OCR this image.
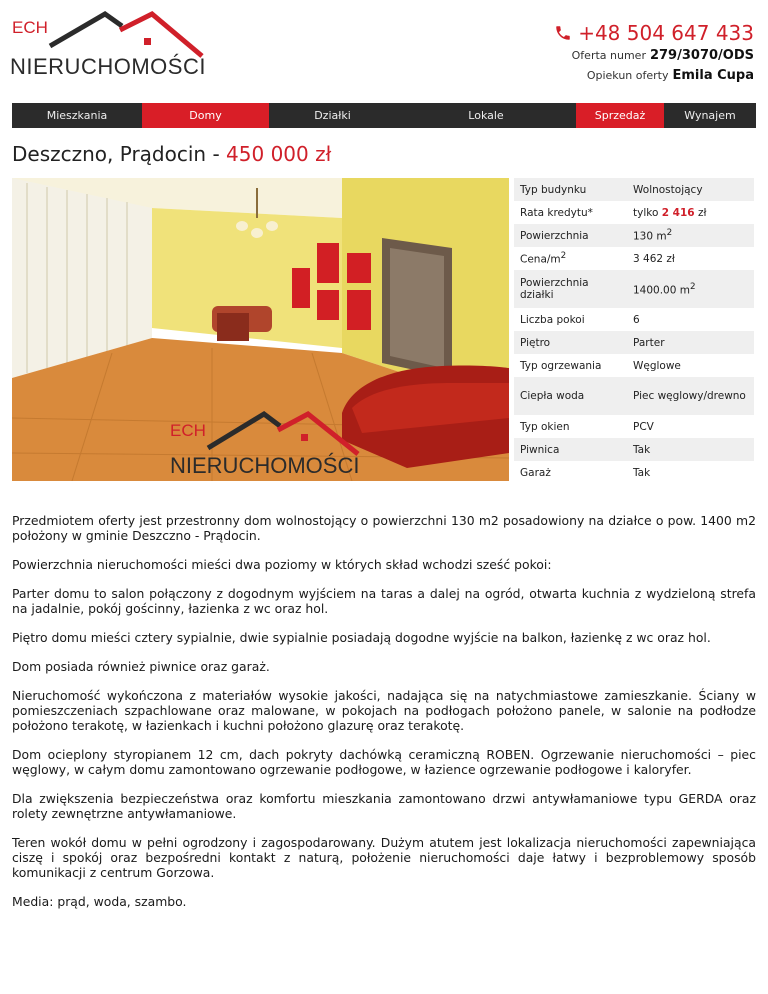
ECH
NIERUCHOMOŚCI
+48 504 647 433
Oferta numer 279/3070/ODS
Opiekun oferty Emila Cupa
Mieszkania	Domy	Działki	Lokale	Sprzedaż	Wynajem
Deszczno, Prądocin - 450 000 zł
ECH
NIERUCHOMOŚCI
Typ budynku	Wolnostojący
Rata kredytu*	tylko 2 416 zł
Powierzchnia	130 $m^2$
Cena/$m^2$	3 462 zł
Powierzchnia działki	1400.00 $m^2$
Liczba pokoi	6
Piętro	Parter
Typ ogrzewania	Węglowe
Ciepła woda	Piec węglowy/drewno
Typ okien	PCV
Piwnica	Tak
Garaż	Tak

Przedmiotem oferty jest przestronny dom wolnostojący o powierzchni 130 m2 posadowiony na działce o pow. 1400 m2 położony w gminie Deszczno - Prądocin.

Powierzchnia nieruchomości mieści dwa poziomy w których skład wchodzi sześć pokoi:

Parter domu to salon połączony z dogodnym wyjściem na taras a dalej na ogród, otwarta kuchnia z wydzieloną strefa na jadalnie, pokój gościnny, łazienka z wc oraz hol.

Piętro domu mieści cztery sypialnie, dwie sypialnie posiadają dogodne wyjście na balkon, łazienkę z wc oraz hol.

Dom posiada również piwnice oraz garaż.

Nieruchomość wykończona z materiałów wysokie jakości, nadająca się na natychmiastowe zamieszkanie. Ściany w pomieszczeniach szpachlowane oraz malowane, w pokojach na podłogach położono panele, w salonie na podłodze położono terakotę, w łazienkach i kuchni położono glazurę oraz terakotę.

Dom ocieplony styropianem 12 cm, dach pokryty dachówką ceramiczną ROBEN. Ogrzewanie nieruchomości – piec węglowy, w całym domu zamontowano ogrzewanie podłogowe, w łazience ogrzewanie podłogowe i kaloryfer.

Dla zwiększenia bezpieczeństwa oraz komfortu mieszkania zamontowano drzwi antywłamaniowe typu GERDA oraz rolety zewnętrzne antywłamaniowe.

Teren wokół domu w pełni ogrodzony i zagospodarowany. Dużym atutem jest lokalizacja nieruchomości zapewniająca ciszę i spokój oraz bezpośredni kontakt z naturą, położenie nieruchomości daje łatwy i bezproblemowy sposób komunikacji z centrum Gorzowa.

Media: prąd, woda, szambo.
